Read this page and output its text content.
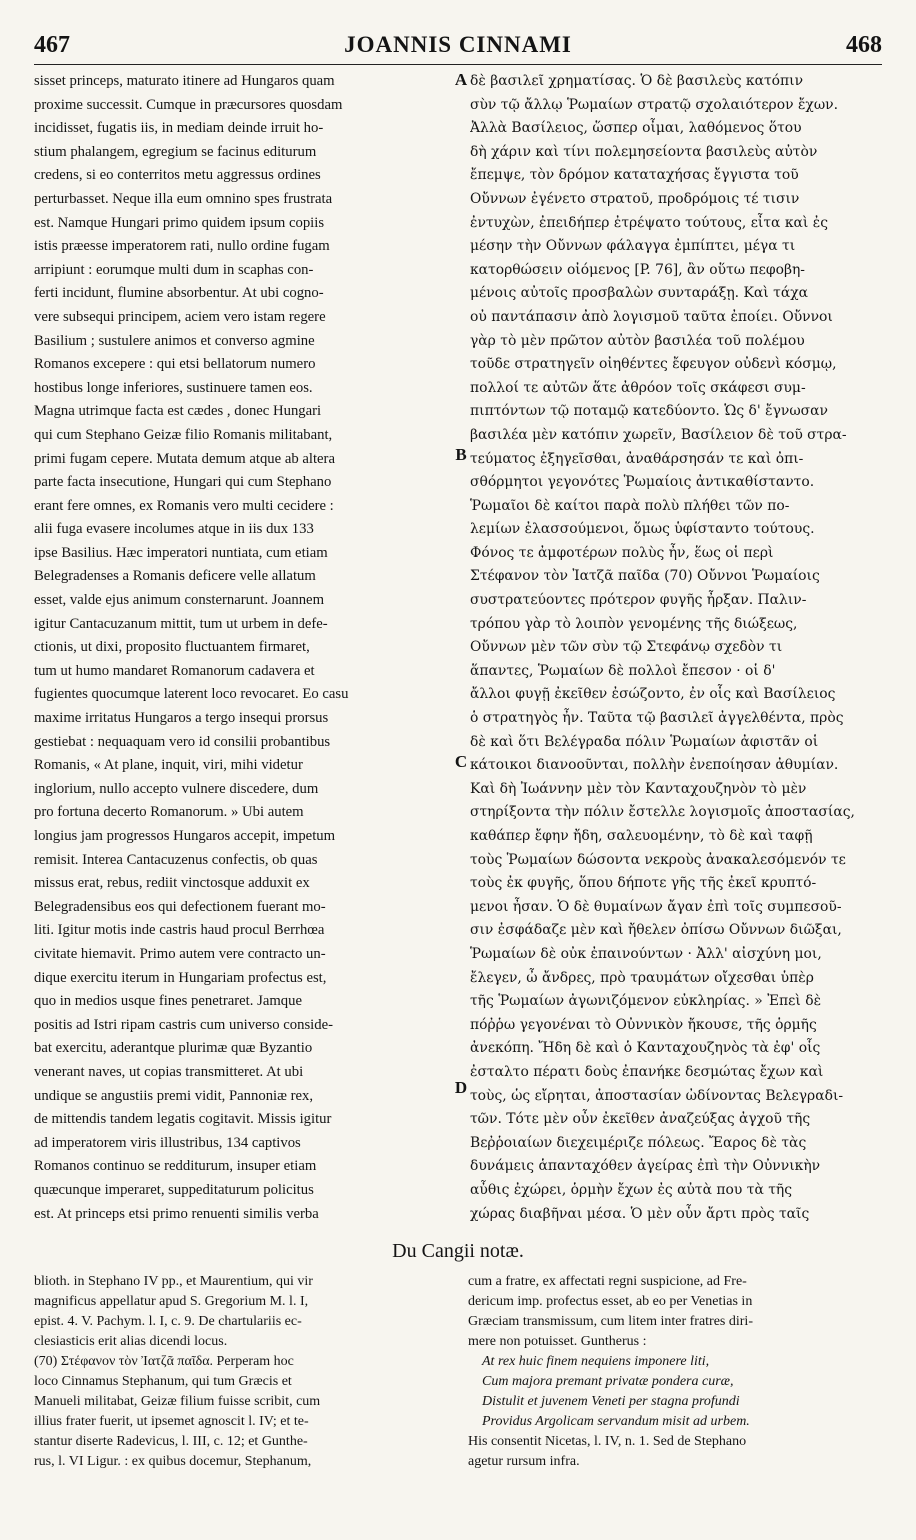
467	JOANNIS CINNAMI	468
sisset princeps, maturato itinere ad Hungaros quam
proxime successit. Cumque in præcursores quosdam
incidisset, fugatis iis, in mediam deinde irruit ho-
stium phalangem, egregium se facinus editurum
credens, si eo conterritos metu aggressus ordines
perturbasset. Neque illa eum omnino spes frustrata
est. Namque Hungari primo quidem ipsum copiis
istis præesse imperatorem rati, nullo ordine fugam
arripiunt : eorumque multi dum in scaphas con-
ferti incidunt, flumine absorbentur. At ubi cogno-
vere subsequi principem, aciem vero istam regere
Basilium ; sustulere animos et converso agmine
Romanos excepere : qui etsi bellatorum numero
hostibus longe inferiores, sustinuere tamen eos.
Magna utrimque facta est cædes , donec Hungari
qui cum Stephano Geizæ filio Romanis militabant,
primi fugam cepere. Mutata demum atque ab altera
parte facta insecutione, Hungari qui cum Stephano
erant fere omnes, ex Romanis vero multi cecidere :
alii fuga evasere incolumes atque in iis dux 133
ipse Basilius. Hæc imperatori nuntiata, cum etiam
Belegradenses a Romanis deficere velle allatum
esset, valde ejus animum consternarunt. Joannem
igitur Cantacuzanum mittit, tum ut urbem in defe-
ctionis, ut dixi, proposito fluctuantem firmaret,
tum ut humo mandaret Romanorum cadavera et
fugientes quocumque laterent loco revocaret. Eo casu
maxime irritatus Hungaros a tergo insequi prorsus
gestiebat : nequaquam vero id consilii probantibus
Romanis, « At plane, inquit, viri, mihi videtur
inglorium, nullo accepto vulnere discedere, dum
pro fortuna decerto Romanorum. » Ubi autem
longius jam progressos Hungaros accepit, impetum
remisit. Interea Cantacuzenus confectis, ob quas
missus erat, rebus, rediit vinctosque adduxit ex
Belegradensibus eos qui defectionem fuerant mo-
liti. Igitur motis inde castris haud procul Berrhœa
civitate hiemavit. Primo autem vere contracto un-
dique exercitu iterum in Hungariam profectus est,
quo in medios usque fines penetraret. Jamque
positis ad Istri ripam castris cum universo conside-
bat exercitu, aderantque plurimæ quæ Byzantio
venerant naves, ut copias transmitteret. At ubi
undique se angustiis premi vidit, Pannoniæ rex,
de mittendis tandem legatis cogitavit. Missis igitur
ad imperatorem viris illustribus, 134 captivos
Romanos continuo se redditurum, insuper etiam
quæcunque imperaret, suppeditaturum policitus
est. At princeps etsi primo renuenti similis verba
A
B
C
D
δὲ βασιλεῖ χρηματίσας. Ὁ δὲ βασιλεὺς κατόπιν
σὺν τῷ ἄλλῳ Ῥωμαίων στρατῷ σχολαιότερον ἔχων.
Ἀλλὰ Βασίλειος, ὥσπερ οἶμαι, λαθόμενος ὅτου
δὴ χάριν καὶ τίνι πολεμησείοντα βασιλεὺς αὐτὸν
ἔπεμψε, τὸν δρόμον καταταχήσας ἔγγιστα τοῦ
Οὔννων ἐγένετο στρατοῦ, προδρόμοις τέ τισιν
ἐντυχὼν, ἐπειδήπερ ἐτρέψατο τούτους, εἶτα καὶ ἐς
μέσην τὴν Οὔννων φάλαγγα ἐμπίπτει, μέγα τι
κατορθώσειν οἰόμενος [P. 76], ἂν οὕτω πεφοβη-
μένοις αὐτοῖς προσβαλὼν συνταράξῃ. Καὶ τάχα
οὐ παντάπασιν ἀπὸ λογισμοῦ ταῦτα ἐποίει. Οὔννοι
γὰρ τὸ μὲν πρῶτον αὐτὸν βασιλέα τοῦ πολέμου
τοῦδε στρατηγεῖν οἰηθέντες ἔφευγον οὐδενὶ κόσμῳ,
πολλοί τε αὐτῶν ἅτε ἀθρόον τοῖς σκάφεσι συμ-
πιπτόντων τῷ ποταμῷ κατεδύοντο. Ὡς δ' ἔγνωσαν
βασιλέα μὲν κατόπιν χωρεῖν, Βασίλειον δὲ τοῦ στρα-
τεύματος ἐξηγεῖσθαι, ἀναθάρσησάν τε καὶ ὀπι-
σθόρμητοι γεγονότες Ῥωμαίοις ἀντικαθίσταντο.
Ῥωμαῖοι δὲ καίτοι παρὰ πολὺ πλήθει τῶν πο-
λεμίων ἐλασσούμενοι, ὅμως ὑφίσταντο τούτους.
Φόνος τε ἀμφοτέρων πολὺς ἦν, ἕως οἱ περὶ
Στέφανον τὸν Ἰατζᾶ παῖδα (70) Οὔννοι Ῥωμαίοις
συστρατεύοντες πρότερον φυγῆς ἦρξαν. Παλιν-
τρόπου γὰρ τὸ λοιπὸν γενομένης τῆς διώξεως,
Οὔννων μὲν τῶν σὺν τῷ Στεφάνῳ σχεδὸν τι
ἅπαντες, Ῥωμαίων δὲ πολλοὶ ἔπεσον · οἱ δ'
ἄλλοι φυγῇ ἐκεῖθεν ἐσώζοντο, ἐν οἷς καὶ Βασίλειος
ὁ στρατηγὸς ἦν. Ταῦτα τῷ βασιλεῖ ἀγγελθέντα, πρὸς
δὲ καὶ ὅτι Βελέγραδα πόλιν Ῥωμαίων ἀφιστᾶν οἱ
κάτοικοι διανοοῦνται, πολλὴν ἐνεποίησαν ἀθυμίαν.
Καὶ δὴ Ἰωάννην μὲν τὸν Κανταχουζηνὸν τὸ μὲν
στηρίξοντα τὴν πόλιν ἔστελλε λογισμοῖς ἀποστασίας,
καθάπερ ἔφην ἤδη, σαλευομένην, τὸ δὲ καὶ ταφῇ
τοὺς Ῥωμαίων δώσοντα νεκροὺς ἀνακαλεσόμενόν τε
τοὺς ἐκ φυγῆς, ὅπου δήποτε γῆς τῆς ἐκεῖ κρυπτό-
μενοι ἦσαν. Ὁ δὲ θυμαίνων ἄγαν ἐπὶ τοῖς συμπεσοῦ-
σιν ἐσφάδαζε μὲν καὶ ἤθελεν ὀπίσω Οὔννων διῶξαι,
Ῥωμαίων δὲ οὐκ ἐπαινούντων · Ἀλλ' αἰσχύνη μοι,
ἔλεγεν, ὦ ἄνδρες, πρὸ τραυμάτων οἴχεσθαι ὑπὲρ
τῆς Ῥωμαίων ἀγωνιζόμενον εὐκληρίας. » Ἐπεὶ δὲ
πόῤῥω γεγονέναι τὸ Οὐννικὸν ἤκουσε, τῆς ὁρμῆς
ἀνεκόπη. Ἤδη δὲ καὶ ὁ Κανταχουζηνὸς τὰ ἐφ' οἷς
ἐσταλτο πέρατι δοὺς ἐπανήκε δεσμώτας ἔχων καὶ
τοὺς, ὡς εἴρηται, ἀποστασίαν ὠδίνοντας Βελεγραδι-
τῶν. Τότε μὲν οὖν ἐκεῖθεν ἀναζεύξας ἀγχοῦ τῆς
Βεῤῥοιαίων διεχειμέριζε πόλεως. Ἔαρος δὲ τὰς
δυνάμεις ἁπανταχόθεν ἀγείρας ἐπὶ τὴν Οὐννικὴν
αὖθις ἐχώρει, ὁρμὴν ἔχων ἐς αὐτὰ που τὰ τῆς
χώρας διαβῆναι μέσα. Ὁ μὲν οὖν ἄρτι πρὸς ταῖς
Du Cangii notæ.
blioth. in Stephano IV pp., et Maurentium, qui vir
magnificus appellatur apud S. Gregorium M. l. I,
epist. 4. V. Pachym. l. I, c. 9. De chartulariis ec-
clesiasticis erit alias dicendi locus.
(70) Στέφανον τὸν Ἰατζᾶ παῖδα. Perperam hoc
loco Cinnamus Stephanum, qui tum Græcis et
Manueli militabat, Geizæ filium fuisse scribit, cum
illius frater fuerit, ut ipsemet agnoscit l. IV; et te-
stantur diserte Radevicus, l. III, c. 12; et Gunthe-
rus, l. VI Ligur. : ex quibus docemur, Stephanum,
cum a fratre, ex affectati regni suspicione, ad Fre-
dericum imp. profectus esset, ab eo per Venetias in
Græciam transmissum, cum litem inter fratres diri-
mere non potuisset. Guntherus :
At rex huic finem nequiens imponere liti,
Cum majora premant privatæ pondera curæ,
Distulit et juvenem Veneti per stagna profundi
Providus Argolicam servandum misit ad urbem.
His consentit Nicetas, l. IV, n. 1. Sed de Stephano
agetur rursum infra.
